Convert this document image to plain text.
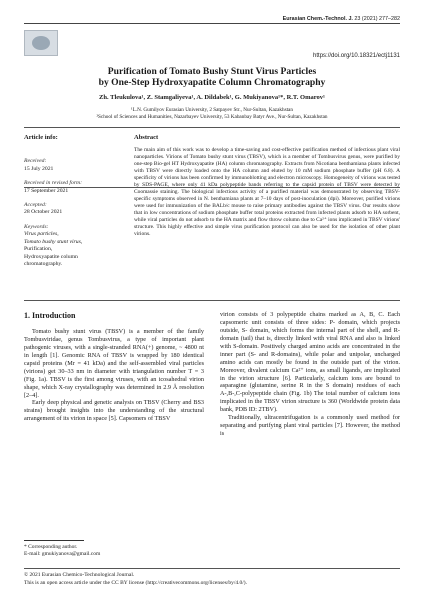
Eurasian Chem.-Technol. J. 23 (2021) 277–282
https://doi.org/10.18321/ectj1131
Purification of Tomato Bushy Stunt Virus Particles
by One-Step Hydroxyapatite Column Chromatography
Zh. Tleukulova¹, Z. Stamgaliyeva¹, A. Dildabek¹, G. Mukiyanova¹*, R.T. Omarov¹
¹L.N. Gumilyov Eurasian University, 2 Satpayev Str., Nur-Sultan, Kazakhstan
²School of Sciences and Humanities, Nazarbayev University, 53 Kabanbay Batyr Ave., Nur-Sultan, Kazakhstan
Article info:
Received:
15 July 2021
Received in revised form:
17 September 2021
Accepted:
28 October 2021
Keywords:
Virus particles,
Tomato bushy stunt virus,
Purification,
Hydroxyapatite column
chromatography.
Abstract
The main aim of this work was to develop a time-saving and cost-effective purification method of infectious plant viral nanoparticles. Virions of Tomato bushy stunt virus (TBSV), which is a member of Tombusvirus genus, were purified by one-step Bio-gel HT Hydroxyapatite (HA) column chromatography. Extracts from Nicotiana benthamiana plants infected with TBSV were directly loaded onto the HA column and eluted by 10 mM sodium phosphate buffer (pH 6.8). A specificity of virions has been confirmed by immunoblotting and electron microscopy. Homogeneity of virions was tested by SDS-PAGE, where only 41 kDa polypeptide bands referring to the capsid protein of TBSV were detected by Coomassie staining. The biological infectious activity of a purified material was demonstrated by observing TBSV-specific symptoms observed in N. benthamiana plants at 7–10 days of post-inoculation (dpi). Moreover, purified virions were used for immunization of the BALb/c mouse to raise primary antibodies against the TBSV virus. Our results show that in low concentrations of sodium phosphate buffer total proteins extracted from infected plants adsorb to HA sorbent, while viral particles do not adsorb to the HA matrix and flow throw column due to Ca²⁺ ions implicated in TBSV virions' structure. This highly effective and simple virus purification protocol can also be used for the isolation of other plant virions.
1. Introduction

Tomato bushy stunt virus (TBSV) is a member of the family Tombusviridae, genus Tombusvirus, a type of important plant pathogenic viruses, with a single-stranded RNA(+) genome, ~ 4800 nt in length [1]. Genomic RNA of TBSV is wrapped by 180 identical capsid proteins (Mr = 41 kDa) and the self-assembled viral particles (virions) get 30–33 nm in diameter with triangulation number T = 3 (Fig. 1a). TBSV is the first among viruses, with an icosahedral virion shape, which X-ray crystallography was determined in 2.9 Å resolution [2–4].

Early deep physical and genetic analysis on TBSV (Cherry and BS3 strains) brought insights into the understanding of the structural arrangement of its virion in space [5]. Capsomers of TBSV

virion consists of 3 polypeptide chains marked as A, B, C. Each capsomeric unit consists of three sides: P- domain, which projects outside, S- domain, which forms the internal part of the shell, and R- domain (tail) that is, directly linked with viral RNA and also is linked with S-domain. Positively charged amino acids are concentrated in the inner part (S- and R-domains), while polar and unipolar, uncharged amino acids can mostly be found in the outside part of the virion. Moreover, divalent calcium Ca²⁺ ions, as small ligands, are implicated in the virion structure [6]. Particularly, calcium ions are bound to asparagine (glutamine, serine R in the S domain) residues of each A-,B-,C-polypeptide chain (Fig. 1b) The total number of calcium ions implicated in the TBSV virion structure is 360 (Worldwide protein data bank, PDB ID: 2TBV).

Traditionally, ultracentrifugation is a commonly used method for separating and purifying plant viral particles [7]. However, the method is

* Corresponding author.
E-mail: gmukiyanova@gmail.com
© 2021 Eurasian Chemico-Technological Journal.
This is an open access article under the CC BY license (http://creativecommons.org/licenses/by/4.0/).
